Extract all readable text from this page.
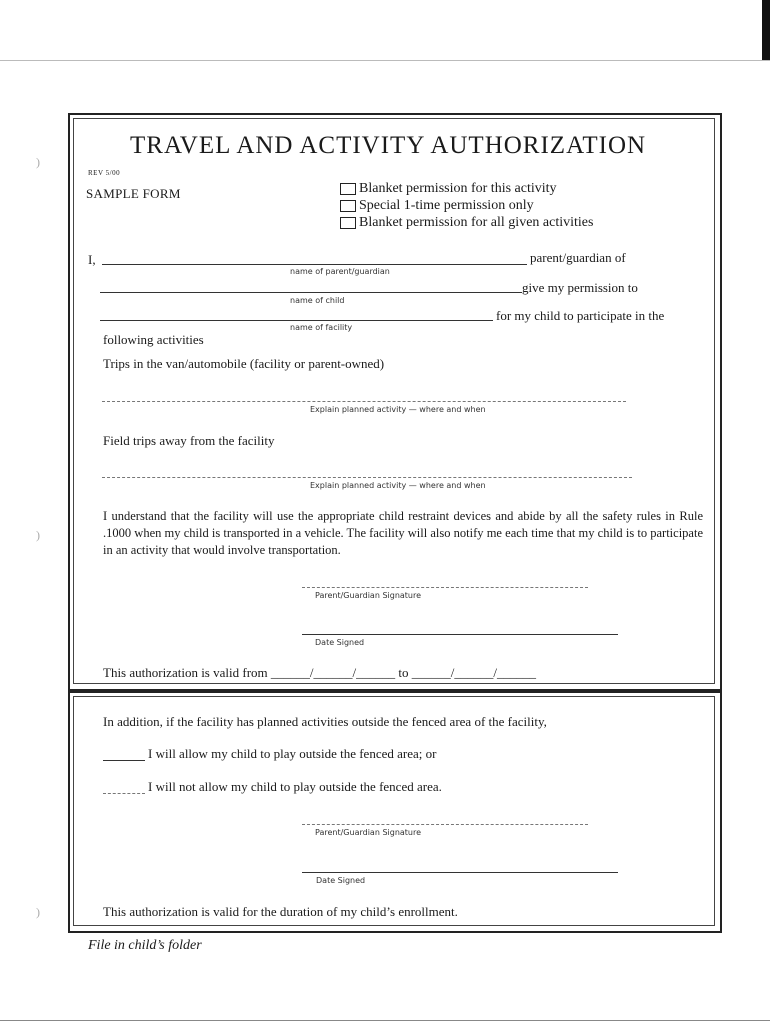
)
)
)
TRAVEL AND ACTIVITY AUTHORIZATION
REV 5/00
SAMPLE FORM	Blanket permission for this activity
Special 1-time permission only
Blanket permission for all given activities
I,	parent/guardian of
name of parent/guardian
give my permission to
name of child
for my child to participate in the
name of facility
following activities
Trips in the van/automobile (facility or parent-owned)
Explain planned activity — where and when
Field trips away from the facility
Explain planned activity — where and when
I understand that the facility will use the appropriate child restraint devices and abide by all the safety rules in Rule .1000 when my child is transported in a vehicle. The facility will also notify me each time that my child is to participate in an activity that would involve transportation.
Parent/Guardian Signature
Date Signed
This authorization is valid from ______/______/______ to ______/______/______
In addition, if the facility has planned activities outside the fenced area of the facility,
I will allow my child to play outside the fenced area; or
I will not allow my child to play outside the fenced area.
Parent/Guardian Signature
Date Signed
This authorization is valid for the duration of my child’s enrollment.
File in child’s folder
